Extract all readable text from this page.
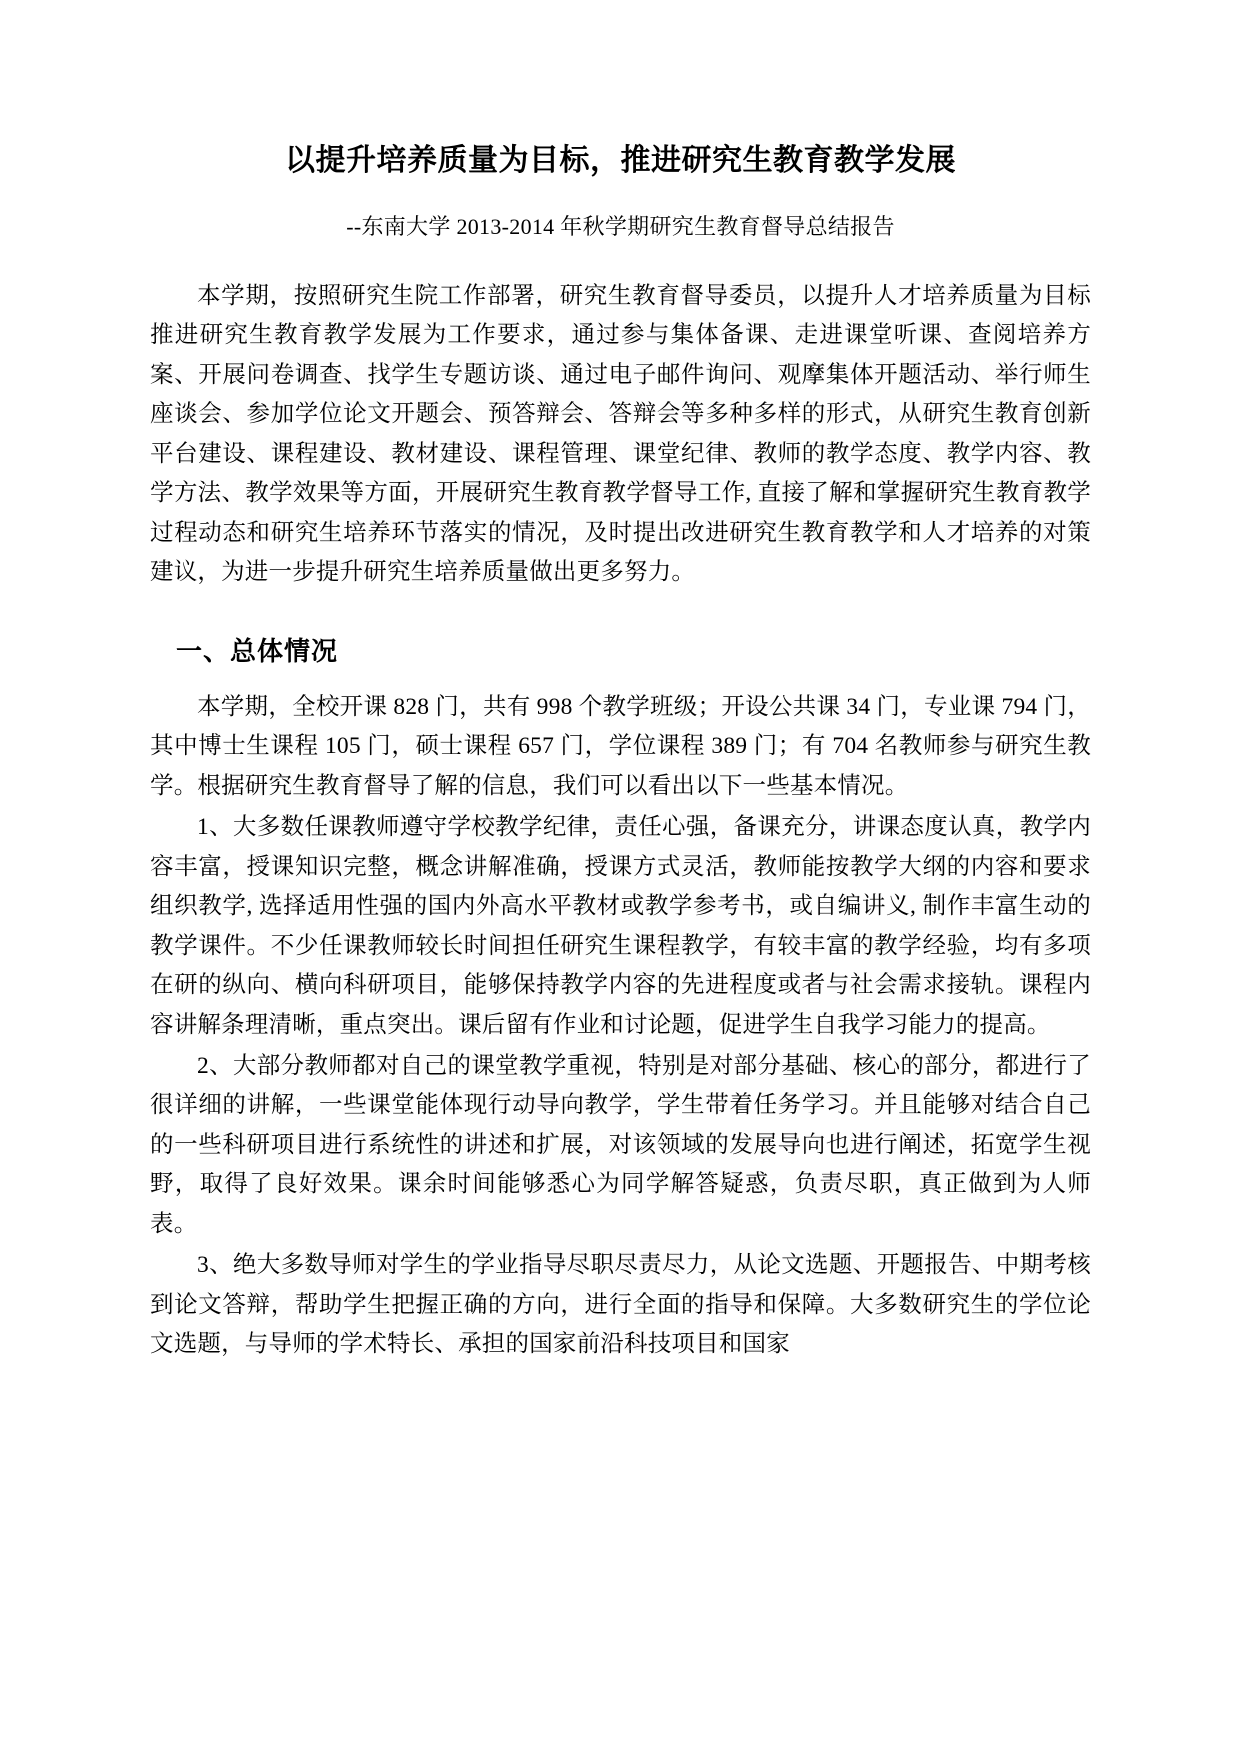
以提升培养质量为目标，推进研究生教育教学发展
--东南大学 2013-2014 年秋学期研究生教育督导总结报告

本学期，按照研究生院工作部署，研究生教育督导委员，以提升人才培养质量为目标推进研究生教育教学发展为工作要求，通过参与集体备课、走进课堂听课、查阅培养方案、开展问卷调查、找学生专题访谈、通过电子邮件询问、观摩集体开题活动、举行师生座谈会、参加学位论文开题会、预答辩会、答辩会等多种多样的形式，从研究生教育创新平台建设、课程建设、教材建设、课程管理、课堂纪律、教师的教学态度、教学内容、教学方法、教学效果等方面，开展研究生教育教学督导工作, 直接了解和掌握研究生教育教学过程动态和研究生培养环节落实的情况，及时提出改进研究生教育教学和人才培养的对策建议，为进一步提升研究生培养质量做出更多努力。

一、总体情况

本学期，全校开课 828 门，共有 998 个教学班级；开设公共课 34 门，专业课 794 门，其中博士生课程 105 门，硕士课程 657 门，学位课程 389 门；有 704 名教师参与研究生教学。根据研究生教育督导了解的信息，我们可以看出以下一些基本情况。

1、大多数任课教师遵守学校教学纪律，责任心强，备课充分，讲课态度认真，教学内容丰富，授课知识完整，概念讲解准确，授课方式灵活，教师能按教学大纲的内容和要求组织教学, 选择适用性强的国内外高水平教材或教学参考书，或自编讲义, 制作丰富生动的教学课件。不少任课教师较长时间担任研究生课程教学，有较丰富的教学经验，均有多项在研的纵向、横向科研项目，能够保持教学内容的先进程度或者与社会需求接轨。课程内容讲解条理清晰，重点突出。课后留有作业和讨论题，促进学生自我学习能力的提高。

2、大部分教师都对自己的课堂教学重视，特别是对部分基础、核心的部分，都进行了很详细的讲解，一些课堂能体现行动导向教学，学生带着任务学习。并且能够对结合自己的一些科研项目进行系统性的讲述和扩展，对该领域的发展导向也进行阐述，拓宽学生视野，取得了良好效果。课余时间能够悉心为同学解答疑惑，负责尽职，真正做到为人师表。

3、绝大多数导师对学生的学业指导尽职尽责尽力，从论文选题、开题报告、中期考核到论文答辩，帮助学生把握正确的方向，进行全面的指导和保障。大多数研究生的学位论文选题，与导师的学术特长、承担的国家前沿科技项目和国家
